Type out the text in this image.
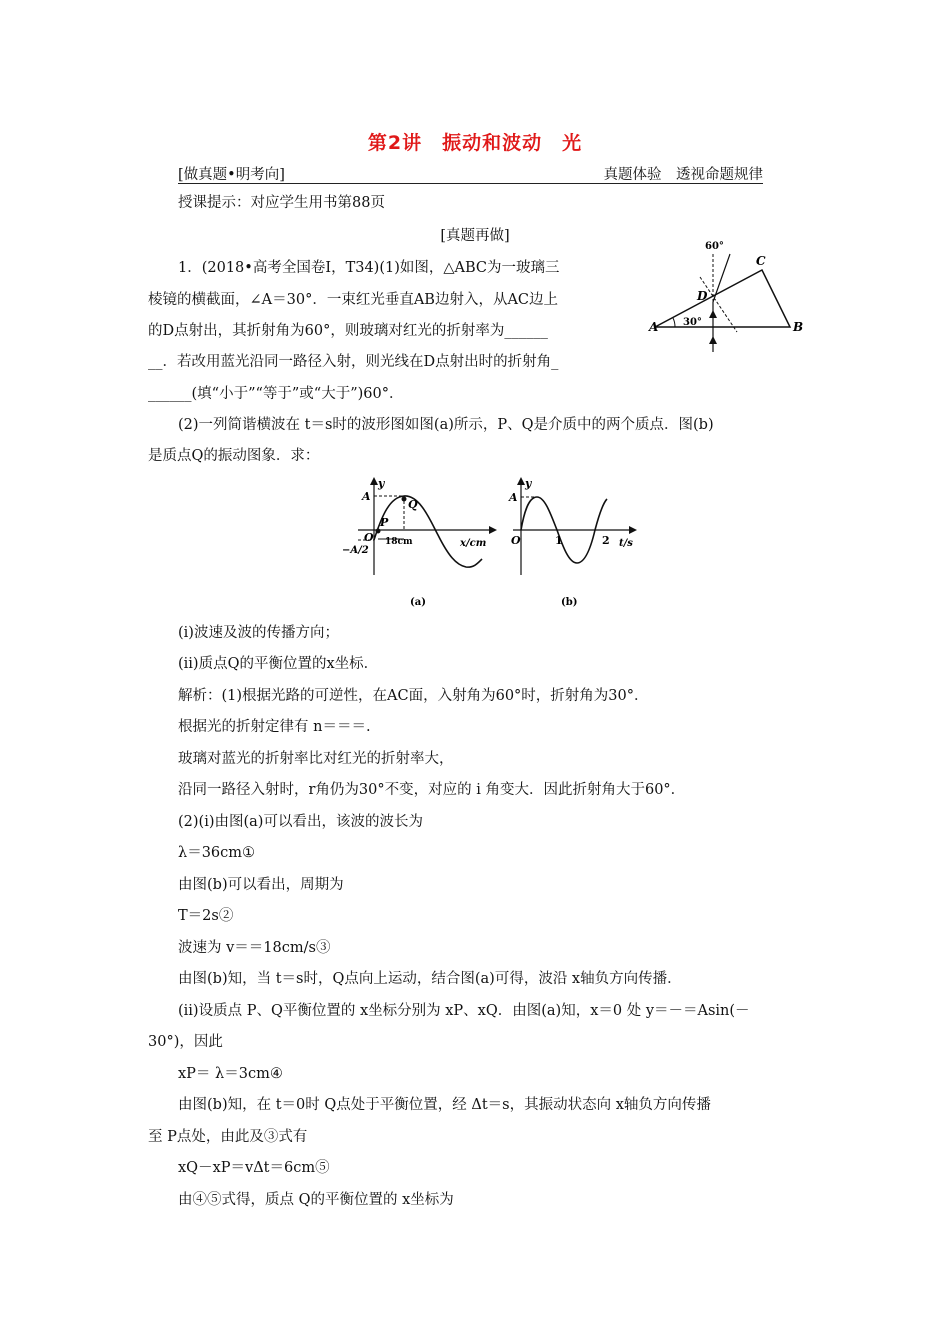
第2讲　振动和波动　光
[做真题•明考向]	真题体验　透视命题规律
授课提示：对应学生用书第88页
[真题再做]
1．(2018•高考全国卷Ⅰ，T34)(1)如图，△ABC为一玻璃三
棱镜的横截面，∠A＝30°．一束红光垂直AB边射入，从AC边上
的D点射出，其折射角为60°，则玻璃对红光的折射率为______
__．若改用蓝光沿同一路径入射，则光线在D点射出时的折射角_
______(填“小于”“等于”或“大于”)60°．
(2)一列简谐横波在 t＝s时的波形图如图(a)所示，P、Q是介质中的两个质点．图(b)
是质点Q的振动图象．求：
A	B
C
D
60°
30°
y
A
P
Q
O
−A/2
18cm	x/cm
(a)
y
A
O	1	2 t/s
(b)
(ⅰ)波速及波的传播方向；
(ⅱ)质点Q的平衡位置的x坐标．
解析：(1)根据光路的可逆性，在AC面，入射角为60°时，折射角为30°．
根据光的折射定律有 n＝＝＝.
玻璃对蓝光的折射率比对红光的折射率大，
沿同一路径入射时，r角仍为30°不变，对应的 i 角变大．因此折射角大于60°．
(2)(ⅰ)由图(a)可以看出，该波的波长为
λ＝36cm①
由图(b)可以看出，周期为
T＝2s②
波速为 v＝＝18cm/s③
由图(b)知，当 t＝s时，Q点向上运动，结合图(a)可得，波沿 x轴负方向传播．
(ⅱ)设质点 P、Q平衡位置的 x坐标分别为 xP、xQ．由图(a)知，x＝0 处 y＝－＝Asin(－
30°)，因此
xP＝ λ＝3cm④
由图(b)知，在 t＝0时 Q点处于平衡位置，经 Δt＝s，其振动状态向 x轴负方向传播
至 P点处，由此及③式有
xQ－xP＝vΔt＝6cm⑤
由④⑤式得，质点 Q的平衡位置的 x坐标为
